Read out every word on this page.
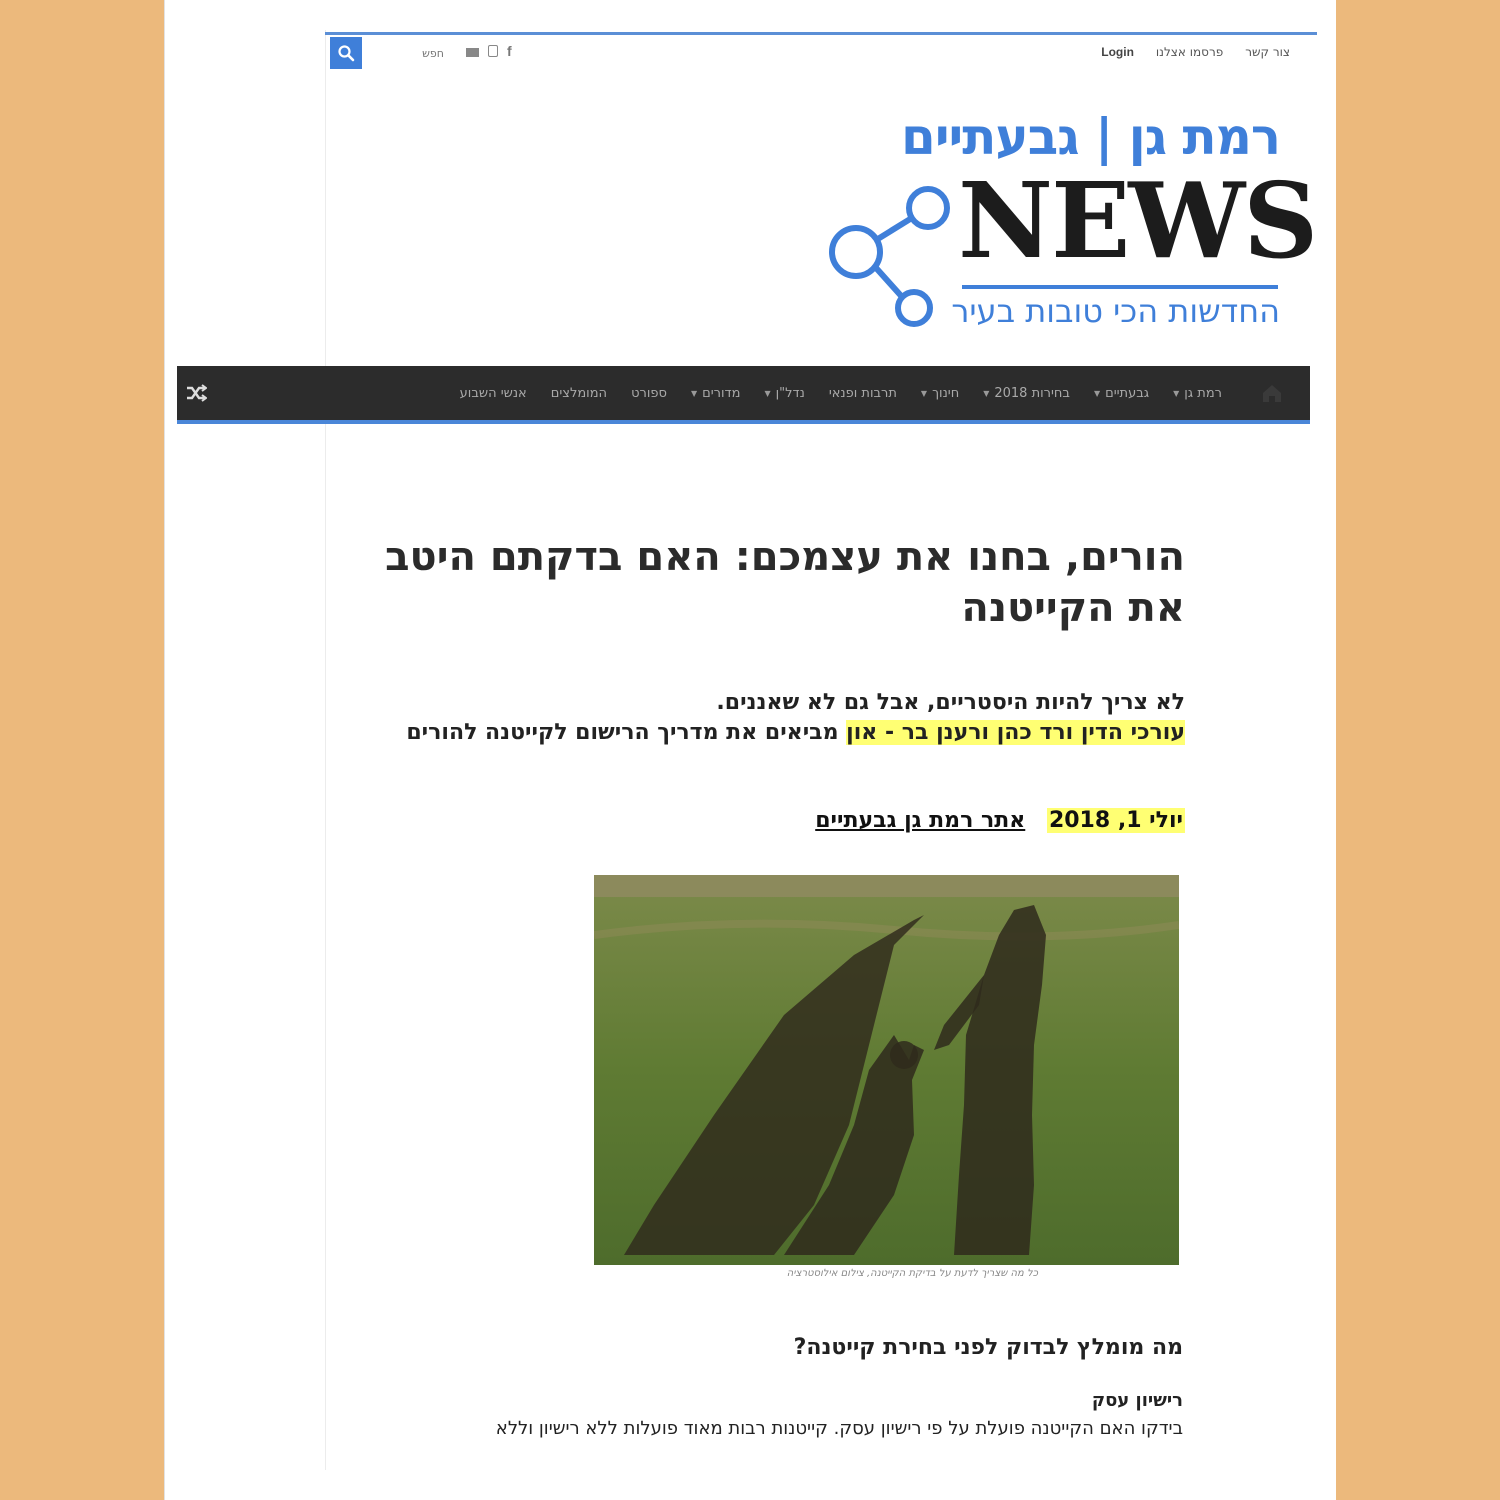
חפש
f	צור קשר
פרסמו אצלנו
Login
רמת גן | גבעתיים
NEWS
החדשות הכי טובות בעיר
רמת גן
▼
גבעתיים
▼
בחירות 2018
▼
חינוך
▼
תרבות ופנאי
נדל"ן
▼
מדורים
▼
ספורט
המומלצים
אנשי השבוע
הורים, בחנו את עצמכם: האם בדקתם היטב את הקייטנה
לא צריך להיות היסטריים, אבל גם לא שאננים.
עורכי הדין ורד כהן ורענן בר - און מביאים את מדריך הרישום לקייטנה להורים
יולי 1, 2018 אתר רמת גן גבעתיים
כל מה שצריך לדעת על בדיקת הקייטנה, צילום אילוסטרציה
מה מומלץ לבדוק לפני בחירת קייטנה?
רישיון עסק

בידקו האם הקייטנה פועלת על פי רישיון עסק. קייטנות רבות מאוד פועלות ללא רישיון וללא
